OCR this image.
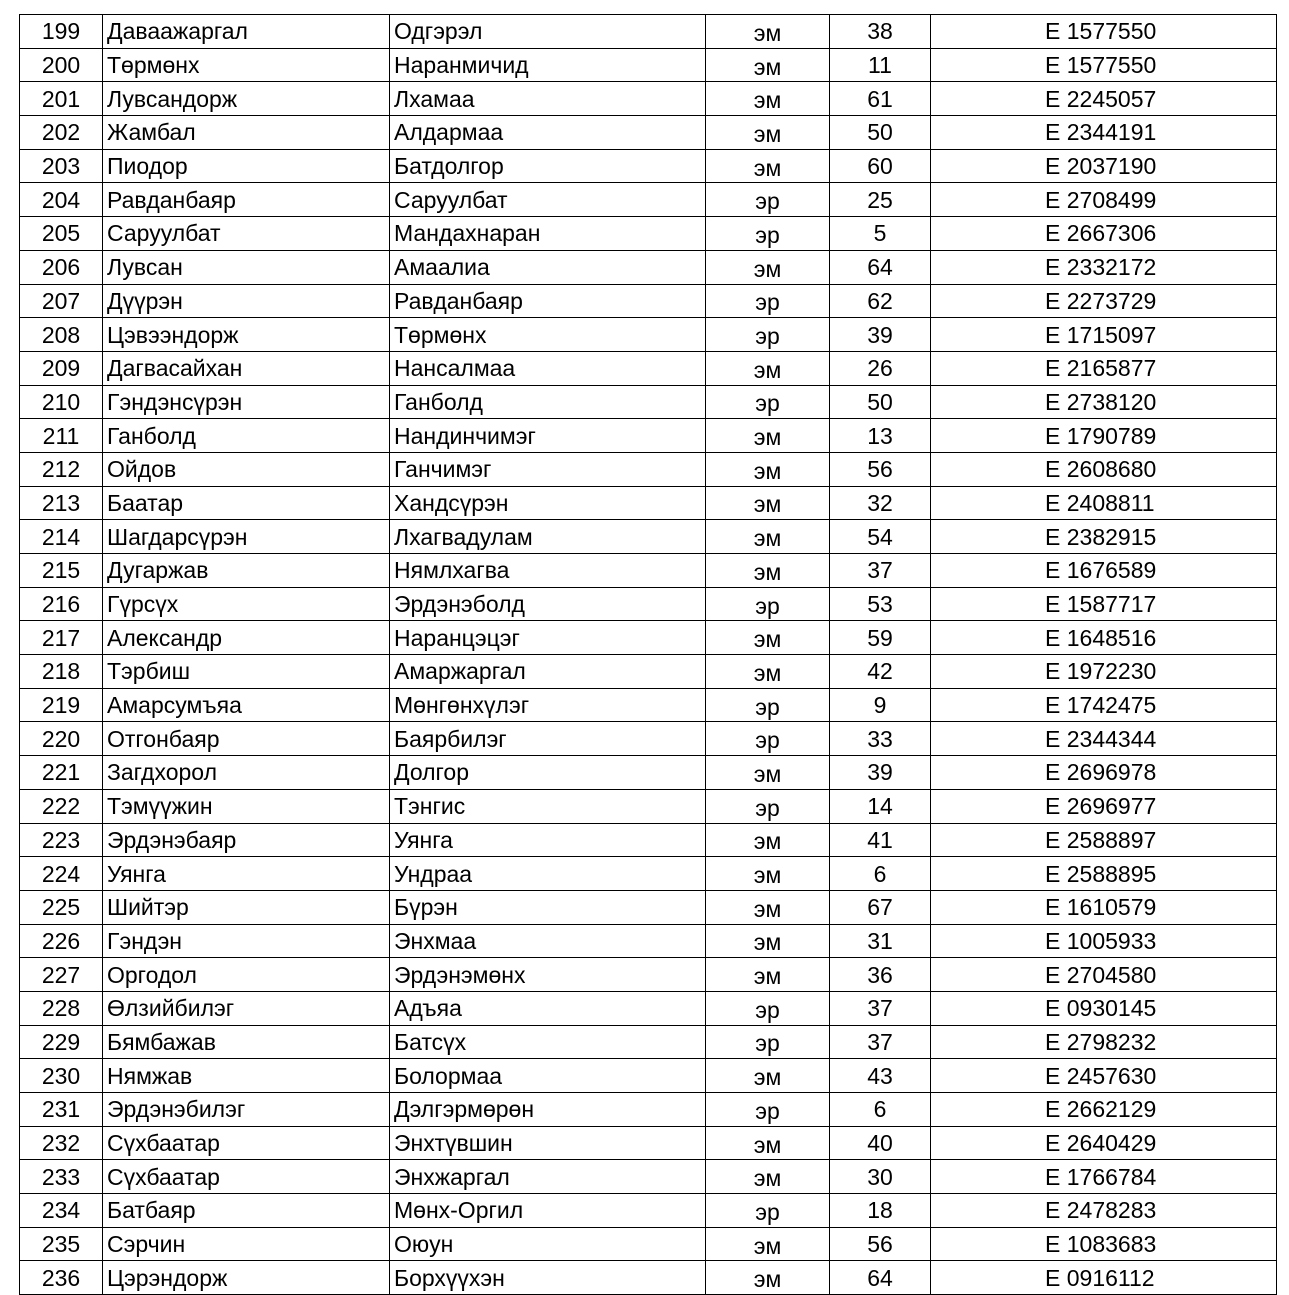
199	Даваажаргал	Одгэрэл	эм	38	Е 1577550
200	Төрмөнх	Наранмичид	эм	11	Е 1577550
201	Лувсандорж	Лхамаа	эм	61	Е 2245057
202	Жамбал	Алдармаа	эм	50	Е 2344191
203	Пиодор	Батдолгор	эм	60	Е 2037190
204	Равданбаяр	Саруулбат	эр	25	Е 2708499
205	Саруулбат	Мандахнаран	эр	5	Е 2667306
206	Лувсан	Амаалиа	эм	64	Е 2332172
207	Дүүрэн	Равданбаяр	эр	62	Е 2273729
208	Цэвээндорж	Төрмөнх	эр	39	Е 1715097
209	Дагвасайхан	Нансалмаа	эм	26	Е 2165877
210	Гэндэнсүрэн	Ганболд	эр	50	Е 2738120
211	Ганболд	Нандинчимэг	эм	13	Е 1790789
212	Ойдов	Ганчимэг	эм	56	Е 2608680
213	Баатар	Хандсүрэн	эм	32	Е 2408811
214	Шагдарсүрэн	Лхагвадулам	эм	54	Е 2382915
215	Дугаржав	Нямлхагва	эм	37	Е 1676589
216	Гүрсүх	Эрдэнэболд	эр	53	Е 1587717
217	Александр	Наранцэцэг	эм	59	Е 1648516
218	Тэрбиш	Амаржаргал	эм	42	Е 1972230
219	Амарсумъяа	Мөнгөнхүлэг	эр	9	Е 1742475
220	Отгонбаяр	Баярбилэг	эр	33	Е 2344344
221	Загдхорол	Долгор	эм	39	Е 2696978
222	Тэмүүжин	Тэнгис	эр	14	Е 2696977
223	Эрдэнэбаяр	Уянга	эм	41	Е 2588897
224	Уянга	Ундраа	эм	6	Е 2588895
225	Шийтэр	Бүрэн	эм	67	Е 1610579
226	Гэндэн	Энхмаа	эм	31	Е 1005933
227	Оргодол	Эрдэнэмөнх	эм	36	Е 2704580
228	Өлзийбилэг	Адъяа	эр	37	Е 0930145
229	Бямбажав	Батсүх	эр	37	Е 2798232
230	Нямжав	Болормаа	эм	43	Е 2457630
231	Эрдэнэбилэг	Дэлгэрмөрөн	эр	6	Е 2662129
232	Сүхбаатар	Энхтүвшин	эм	40	Е 2640429
233	Сүхбаатар	Энхжаргал	эм	30	Е 1766784
234	Батбаяр	Мөнх-Оргил	эр	18	Е 2478283
235	Сэрчин	Оюун	эм	56	Е 1083683
236	Цэрэндорж	Борхүүхэн	эм	64	Е 0916112
